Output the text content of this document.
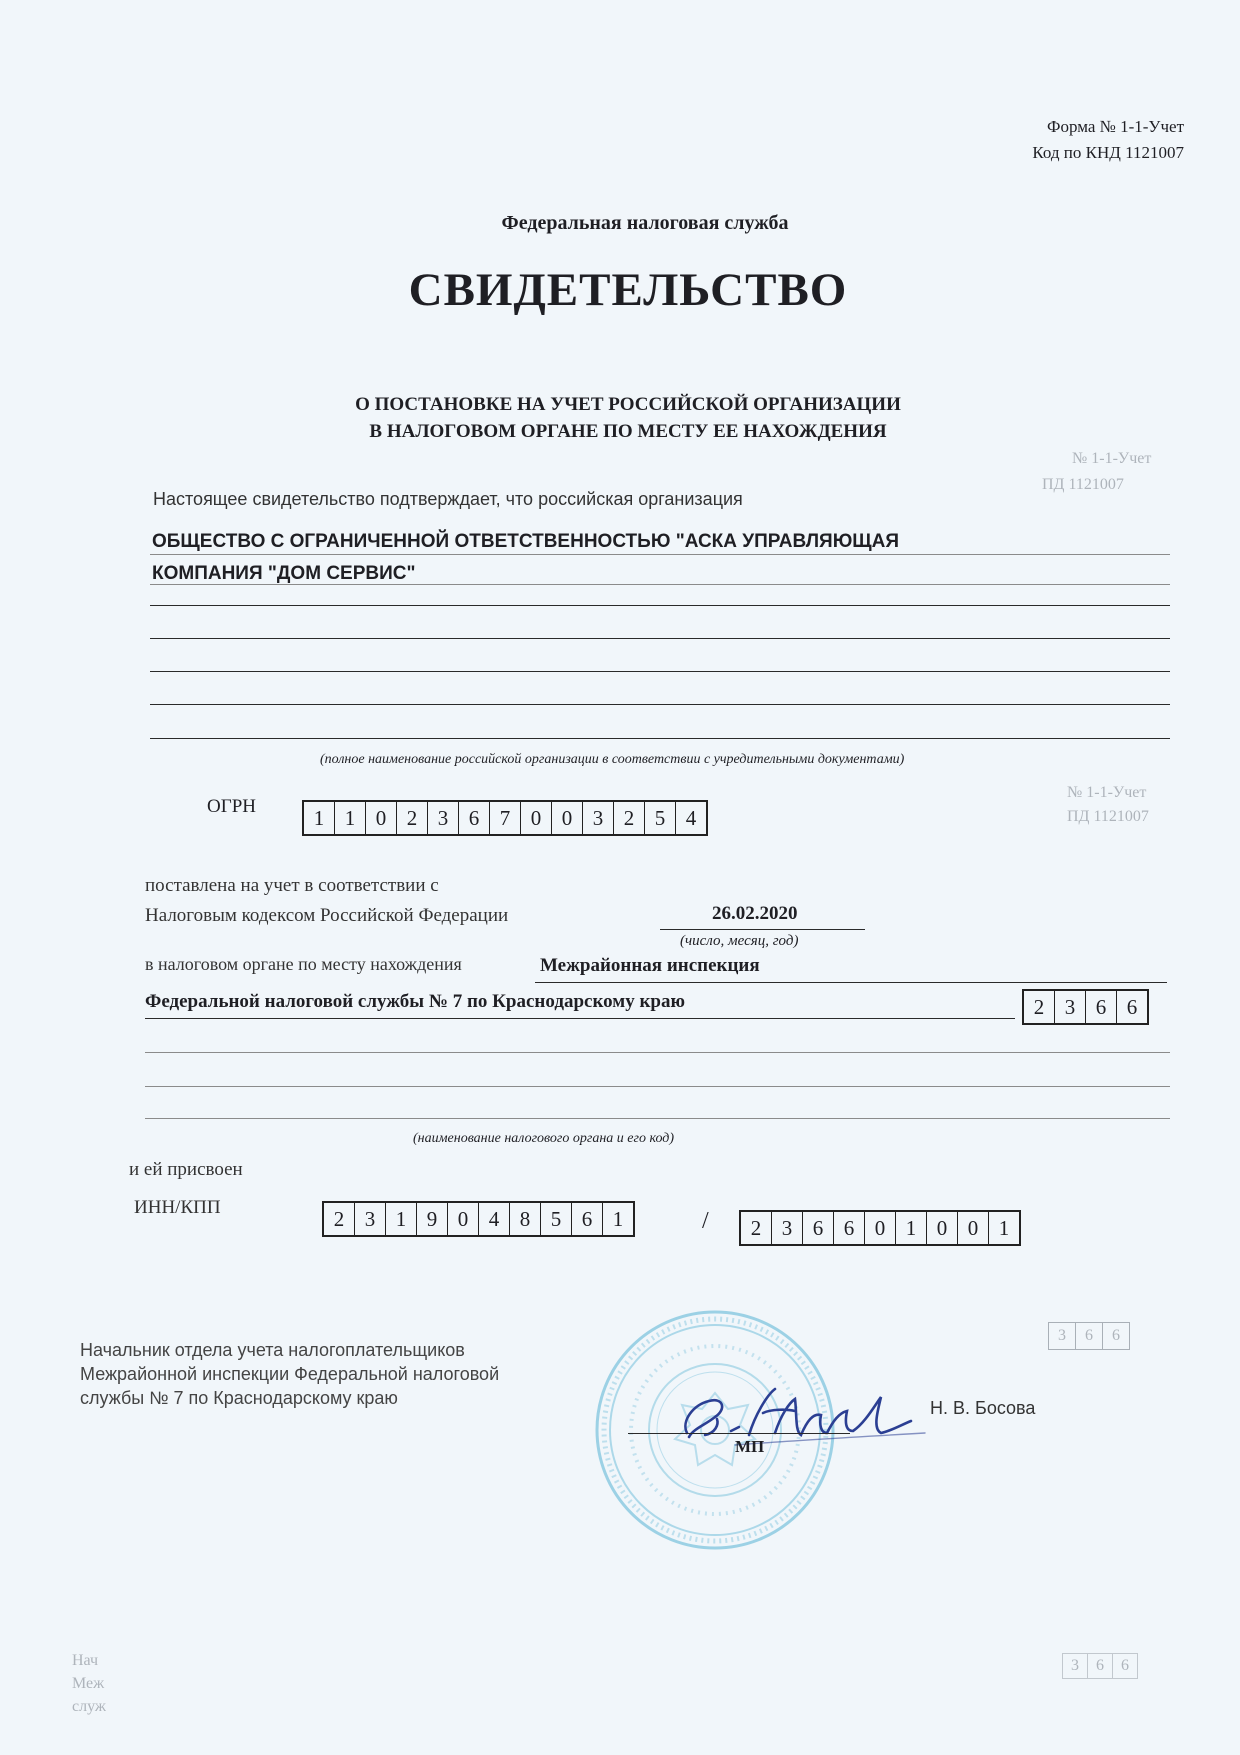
№ 1-1-Учет
ПД 1121007
№ 1-1-Учет
ПД 1121007
3	6	6
3	6	6
Нач
Меж
служ
Форма № 1-1-Учет
Код по КНД 1121007
Федеральная налоговая служба
СВИДЕТЕЛЬСТВО
О ПОСТАНОВКЕ НА УЧЕТ РОССИЙСКОЙ ОРГАНИЗАЦИИ
В НАЛОГОВОМ ОРГАНЕ ПО МЕСТУ ЕЕ НАХОЖДЕНИЯ
Настоящее свидетельство подтверждает, что российская организация
ОБЩЕСТВО С ОГРАНИЧЕННОЙ ОТВЕТСТВЕННОСТЬЮ "АСКА УПРАВЛЯЮЩАЯ
КОМПАНИЯ "ДОМ СЕРВИС"
(полное наименование российской организации в соответствии с учредительными документами)
ОГРН	1 1 0 2 3 6 7 0 0 3 2 5 4
поставлена на учет в соответствии с
Налоговым кодексом Российской Федерации	26.02.2020
(число, месяц, год)
в налоговом органе по месту нахождения	Межрайонная инспекция
Федеральной налоговой службы № 7 по Краснодарскому краю	2 3 6 6
(наименование налогового органа и его код)
и ей присвоен
ИНН/КПП	2 3 1 9 0 4 8 5 6 1	/	2 3 6 6 0 1 0 0 1
Начальник отдела учета налогоплательщиков
Межрайонной инспекции Федеральной налоговой
службы № 7 по Краснодарскому краю
МП
Н. В. Босова
